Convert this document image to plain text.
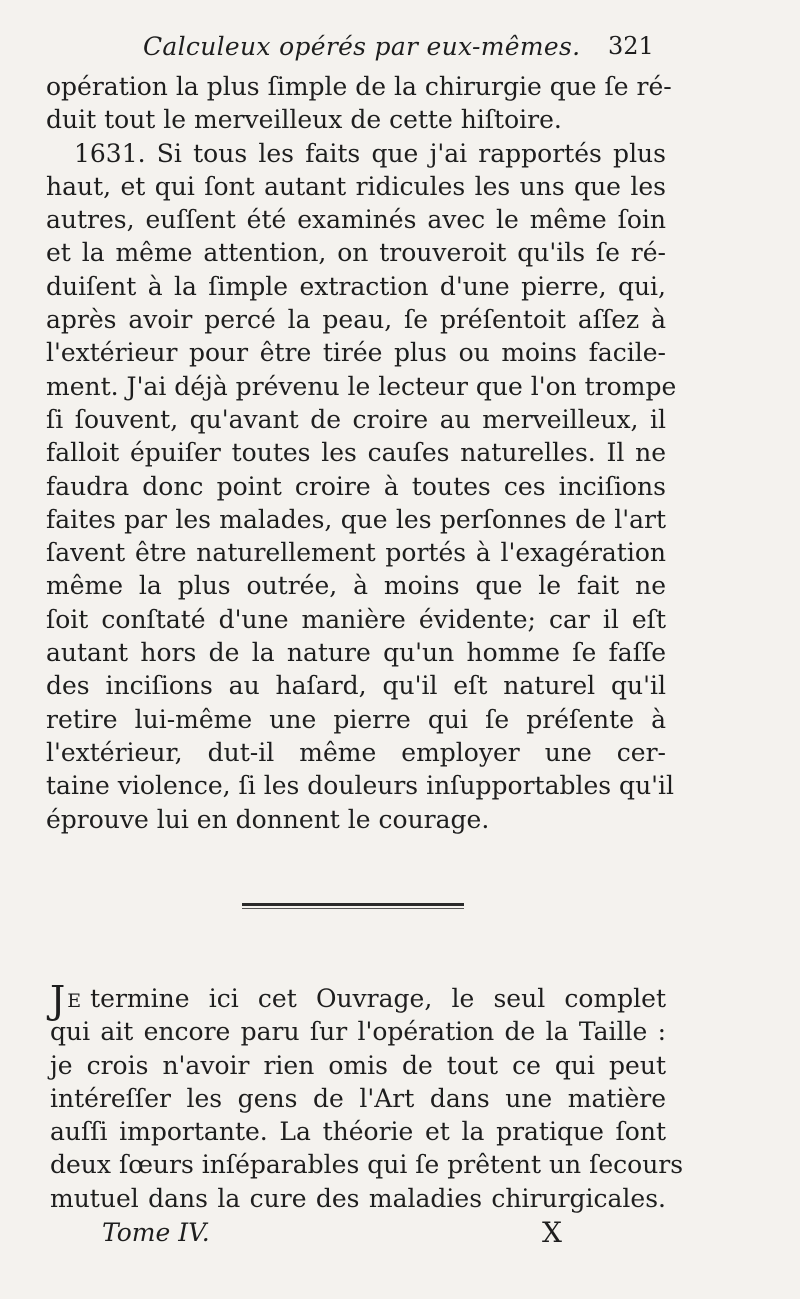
Calculeux opérés par eux-mêmes. 321
opération la plus ſimple de la chirurgie que ſe ré-
duit tout le merveilleux de cette hiſtoire.
1631. Si tous les faits que j'ai rapportés plus
haut, et qui ſont autant ridicules les uns que les
autres, euſſent été examinés avec le même ſoin
et la même attention, on trouveroit qu'ils ſe ré-
duiſent à la ſimple extraction d'une pierre, qui,
après avoir percé la peau, ſe préſentoit aſſez à
l'extérieur pour être tirée plus ou moins facile-
ment. J'ai déjà prévenu le lecteur que l'on trompe
ſi ſouvent, qu'avant de croire au merveilleux, il
falloit épuiſer toutes les cauſes naturelles. Il ne
faudra donc point croire à toutes ces inciſions
faites par les malades, que les perſonnes de l'art
ſavent être naturellement portés à l'exagération
même la plus outrée, à moins que le fait ne
ſoit conſtaté d'une manière évidente; car il eſt
autant hors de la nature qu'un homme ſe faſſe
des inciſions au haſard, qu'il eſt naturel qu'il
retire lui-même une pierre qui ſe préſente à
l'extérieur, dut-il même employer une cer-
taine violence, ſi les douleurs inſupportables qu'il
éprouve lui en donnent le courage.
J E termine ici cet Ouvrage, le seul complet
qui ait encore paru ſur l'opération de la Taille :
je crois n'avoir rien omis de tout ce qui peut
intéreſſer les gens de l'Art dans une matière
auſſi importante. La théorie et la pratique ſont
deux ſœurs inſéparables qui ſe prêtent un ſecours
mutuel dans la cure des maladies chirurgicales.
Tome IV.	X
